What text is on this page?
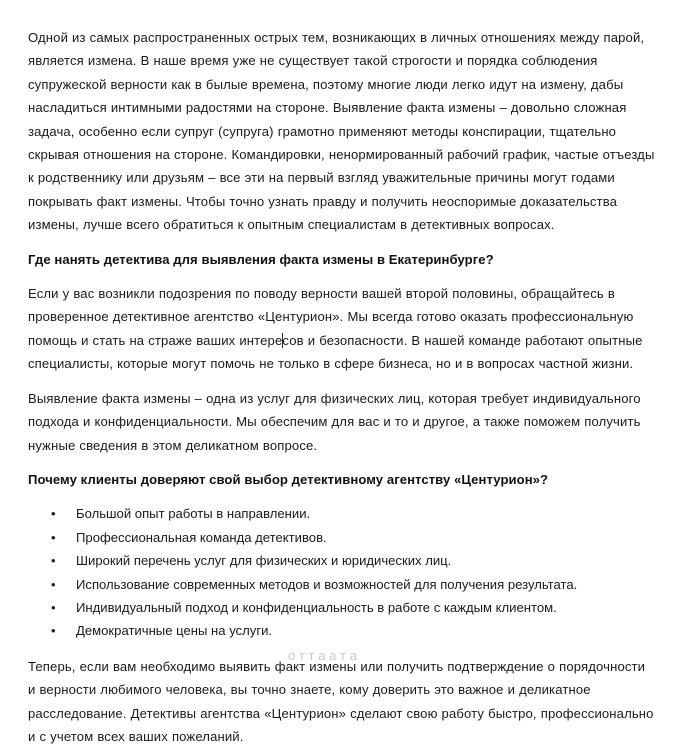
Одной из самых распространенных острых тем, возникающих в личных отношениях между парой, является измена. В наше время уже не существует такой строгости и порядка соблюдения супружеской верности как в былые времена, поэтому многие люди легко идут на измену, дабы насладиться интимными радостями на стороне. Выявление факта измены – довольно сложная задача, особенно если супруг (супруга) грамотно применяют методы конспирации, тщательно скрывая отношения на стороне. Командировки, ненормированный рабочий график, частые отъезды к родственнику или друзьям – все эти на первый взгляд уважительные причины могут годами покрывать факт измены. Чтобы точно узнать правду и получить неоспоримые доказательства измены, лучше всего обратиться к опытным специалистам в детективных вопросах.

Где нанять детектива для выявления факта измены в Екатеринбурге?

Если у вас возникли подозрения по поводу верности вашей второй половины, обращайтесь в проверенное детективное агентство «Центурион». Мы всегда готово оказать профессиональную помощь и стать на страже ваших интересов и безопасности. В нашей команде работают опытные специалисты, которые могут помочь не только в сфере бизнеса, но и в вопросах частной жизни.

Выявление факта измены – одна из услуг для физических лиц, которая требует индивидуального подхода и конфиденциальности. Мы обеспечим для вас и то и другое, а также поможем получить нужные сведения в этом деликатном вопросе.

Почему клиенты доверяют свой выбор детективному агентству «Центурион»?
• Большой опыт работы в направлении.
• Профессиональная команда детективов.
• Широкий перечень услуг для физических и юридических лиц.
• Использование современных методов и возможностей для получения результата.
• Индивидуальный подход и конфиденциальность в работе с каждым клиентом.
• Демократичные цены на услуги.

Теперь, если вам необходимо выявить факт измены или получить подтверждение о порядочности и верности любимого человека, вы точно знаете, кому доверить это важное и деликатное расследование. Детективы агентства «Центурион» сделают свою работу быстро, профессионально и с учетом всех ваших пожеланий.

о т т а а т а
